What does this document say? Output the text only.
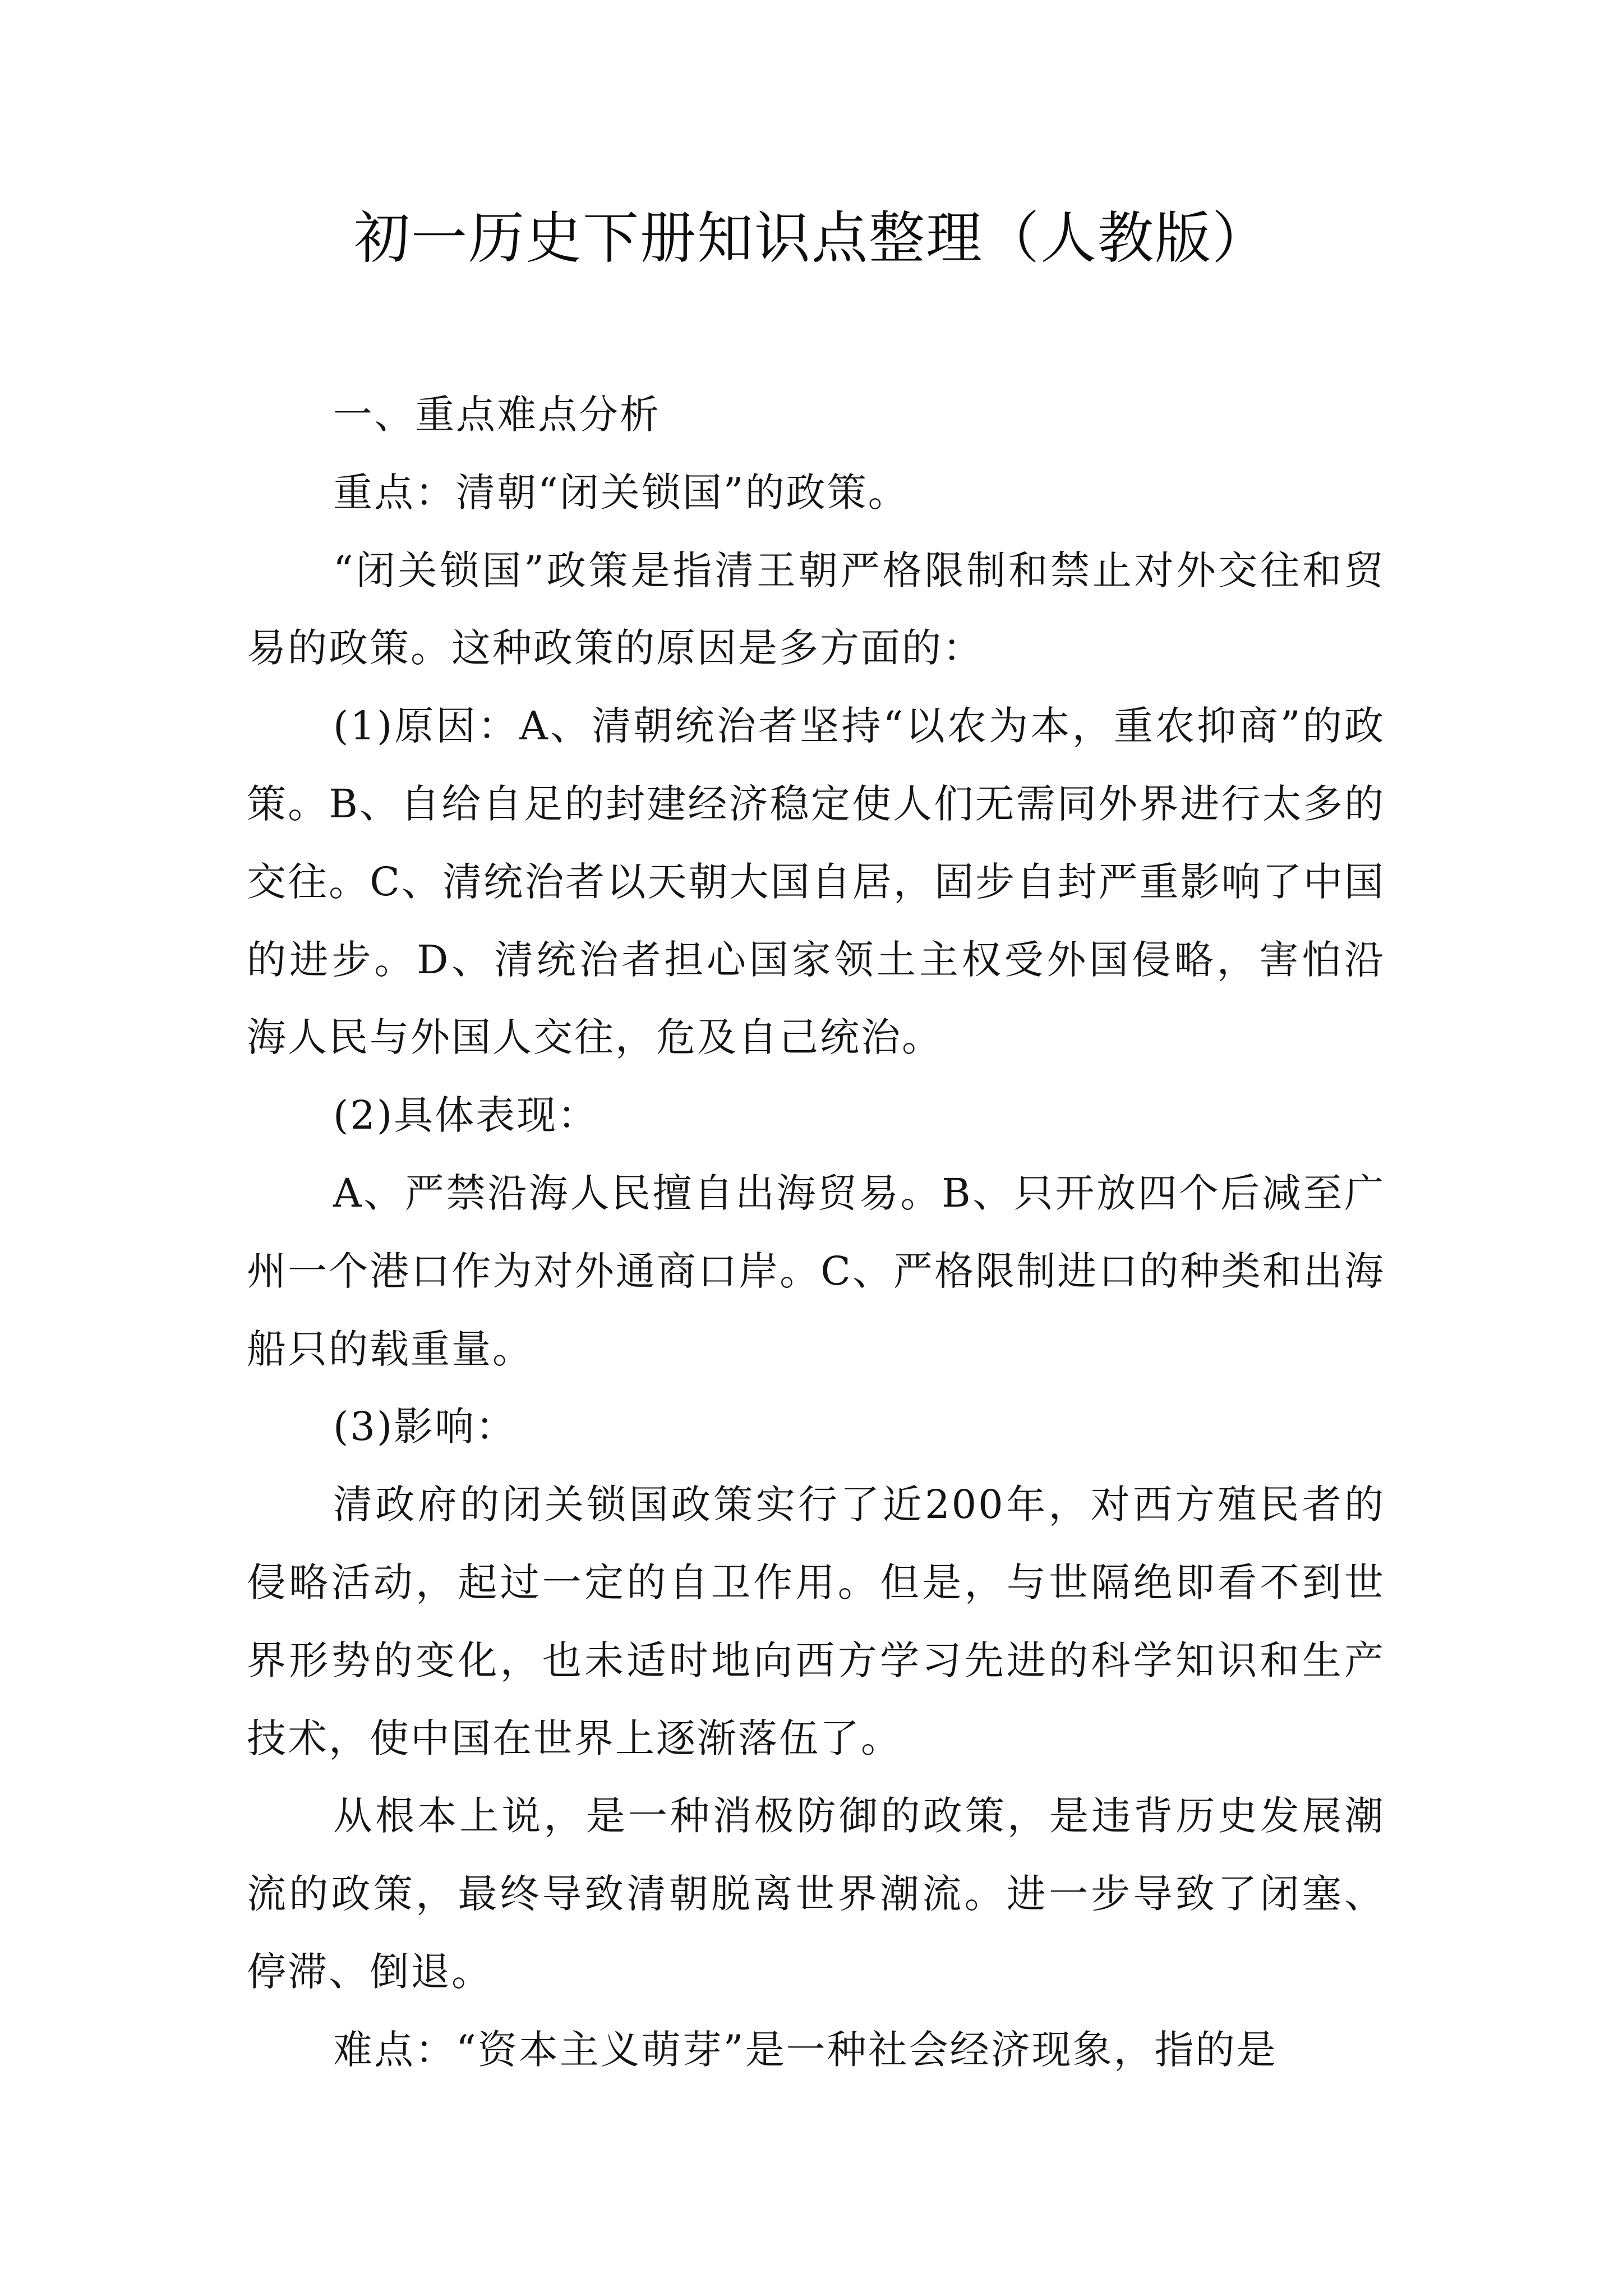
初一历史下册知识点整理（人教版）

一、重点难点分析

重点：清朝“闭关锁国”的政策。

“闭关锁国”政策是指清王朝严格限制和禁止对外交往和贸易的政策。这种政策的原因是多方面的：

(1)原因：A、清朝统治者坚持“以农为本，重农抑商”的政策。B、自给自足的封建经济稳定使人们无需同外界进行太多的交往。C、清统治者以天朝大国自居，固步自封严重影响了中国的进步。D、清统治者担心国家领土主权受外国侵略，害怕沿海人民与外国人交往，危及自己统治。

(2)具体表现：

A、严禁沿海人民擅自出海贸易。B、只开放四个后减至广州一个港口作为对外通商口岸。C、严格限制进口的种类和出海船只的载重量。

(3)影响：

清政府的闭关锁国政策实行了近200年，对西方殖民者的侵略活动，起过一定的自卫作用。但是，与世隔绝即看不到世界形势的变化，也未适时地向西方学习先进的科学知识和生产技术，使中国在世界上逐渐落伍了。

从根本上说，是一种消极防御的政策，是违背历史发展潮流的政策，最终导致清朝脱离世界潮流。进一步导致了闭塞、停滞、倒退。

难点：“资本主义萌芽”是一种社会经济现象，指的是
